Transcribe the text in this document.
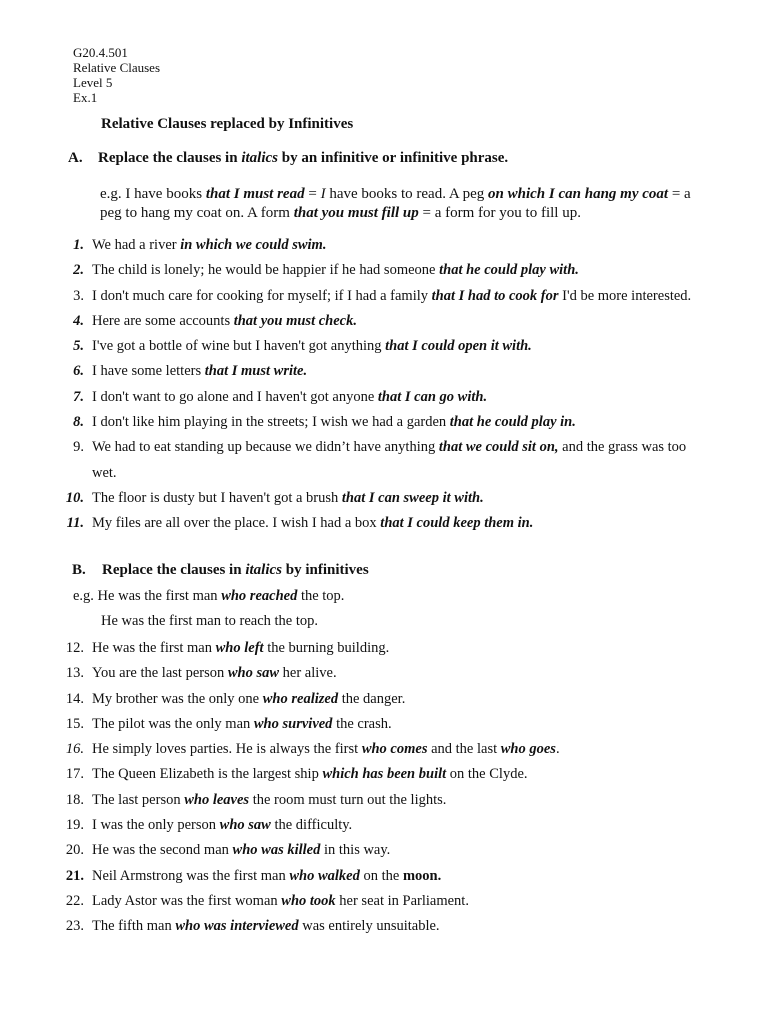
G20.4.501
Relative Clauses
Level 5
Ex.1
Relative Clauses replaced by Infinitives
A. Replace the clauses in italics by an infinitive or infinitive phrase.
e.g. I have books that I must read = I have books to read. A peg on which I can hang my coat = a peg to hang my coat on. A form that you must fill up = a form for you to fill up.
1. We had a river in which we could swim.
2. The child is lonely; he would be happier if he had someone that he could play with.
3. I don't much care for cooking for myself; if I had a family that I had to cook for I'd be more interested.
4. Here are some accounts that you must check.
5. I've got a bottle of wine but I haven't got anything that I could open it with.
6. I have some letters that I must write.
7. I don't want to go alone and I haven't got anyone that I can go with.
8. I don't like him playing in the streets; I wish we had a garden that he could play in.
9. We had to eat standing up because we didn’t have anything that we could sit on, and the grass was too wet.
10. The floor is dusty but I haven't got a brush that I can sweep it with.
11. My files are all over the place. I wish I had a box that I could keep them in.
B. Replace the clauses in italics by infinitives
e.g. He was the first man who reached the top.
He was the first man to reach the top.
12. He was the first man who left the burning building.
13. You are the last person who saw her alive.
14. My brother was the only one who realized the danger.
15. The pilot was the only man who survived the crash.
16. He simply loves parties. He is always the first who comes and the last who goes.
17. The Queen Elizabeth is the largest ship which has been built on the Clyde.
18. The last person who leaves the room must turn out the lights.
19. I was the only person who saw the difficulty.
20. He was the second man who was killed in this way.
21. Neil Armstrong was the first man who walked on the moon.
22. Lady Astor was the first woman who took her seat in Parliament.
23. The fifth man who was interviewed was entirely unsuitable.
